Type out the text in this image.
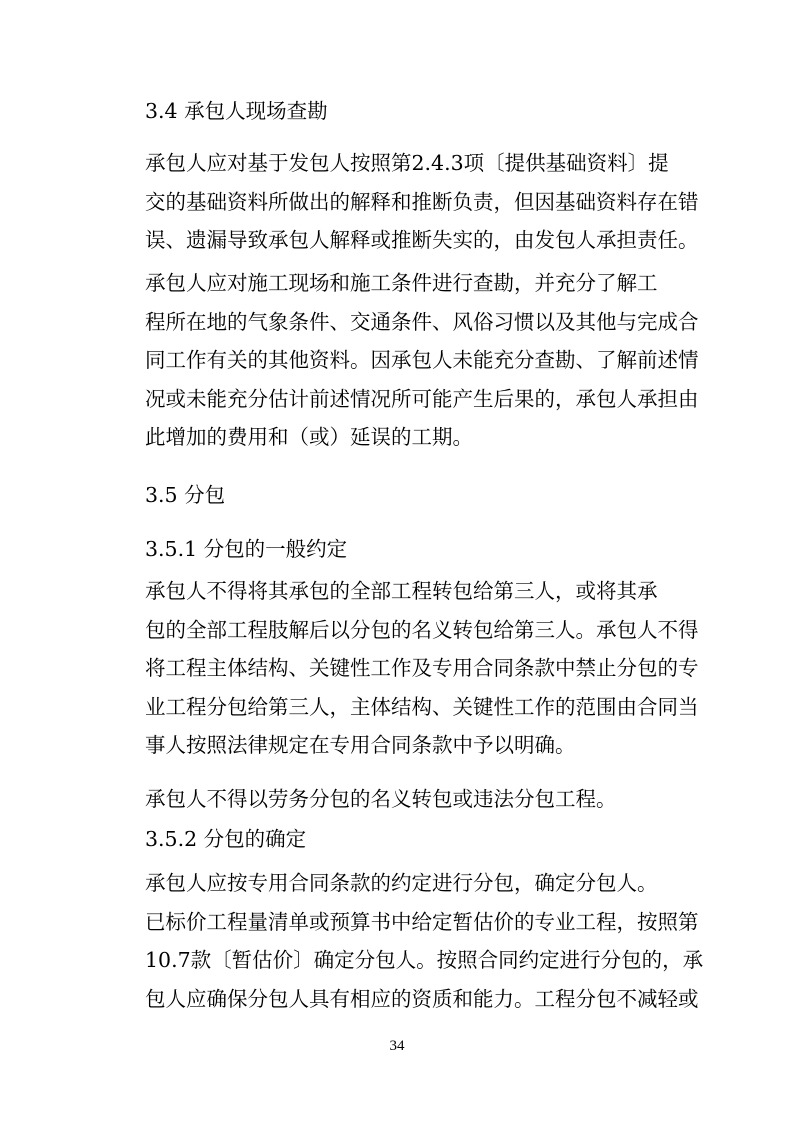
3.4 承包人现场查勘

承包人应对基于发包人按照第2.4.3项〔提供基础资料〕提
交的基础资料所做出的解释和推断负责，但因基础资料存在错
误、遗漏导致承包人解释或推断失实的，由发包人承担责任。

承包人应对施工现场和施工条件进行查勘，并充分了解工
程所在地的气象条件、交通条件、风俗习惯以及其他与完成合
同工作有关的其他资料。因承包人未能充分查勘、了解前述情
况或未能充分估计前述情况所可能产生后果的，承包人承担由
此增加的费用和（或）延误的工期。

3.5 分包

3.5.1 分包的一般约定

承包人不得将其承包的全部工程转包给第三人，或将其承
包的全部工程肢解后以分包的名义转包给第三人。承包人不得
将工程主体结构、关键性工作及专用合同条款中禁止分包的专
业工程分包给第三人，主体结构、关键性工作的范围由合同当
事人按照法律规定在专用合同条款中予以明确。

承包人不得以劳务分包的名义转包或违法分包工程。

3.5.2 分包的确定

承包人应按专用合同条款的约定进行分包，确定分包人。
已标价工程量清单或预算书中给定暂估价的专业工程，按照第
10.7款〔暂估价〕确定分包人。按照合同约定进行分包的，承
包人应确保分包人具有相应的资质和能力。工程分包不减轻或

34
